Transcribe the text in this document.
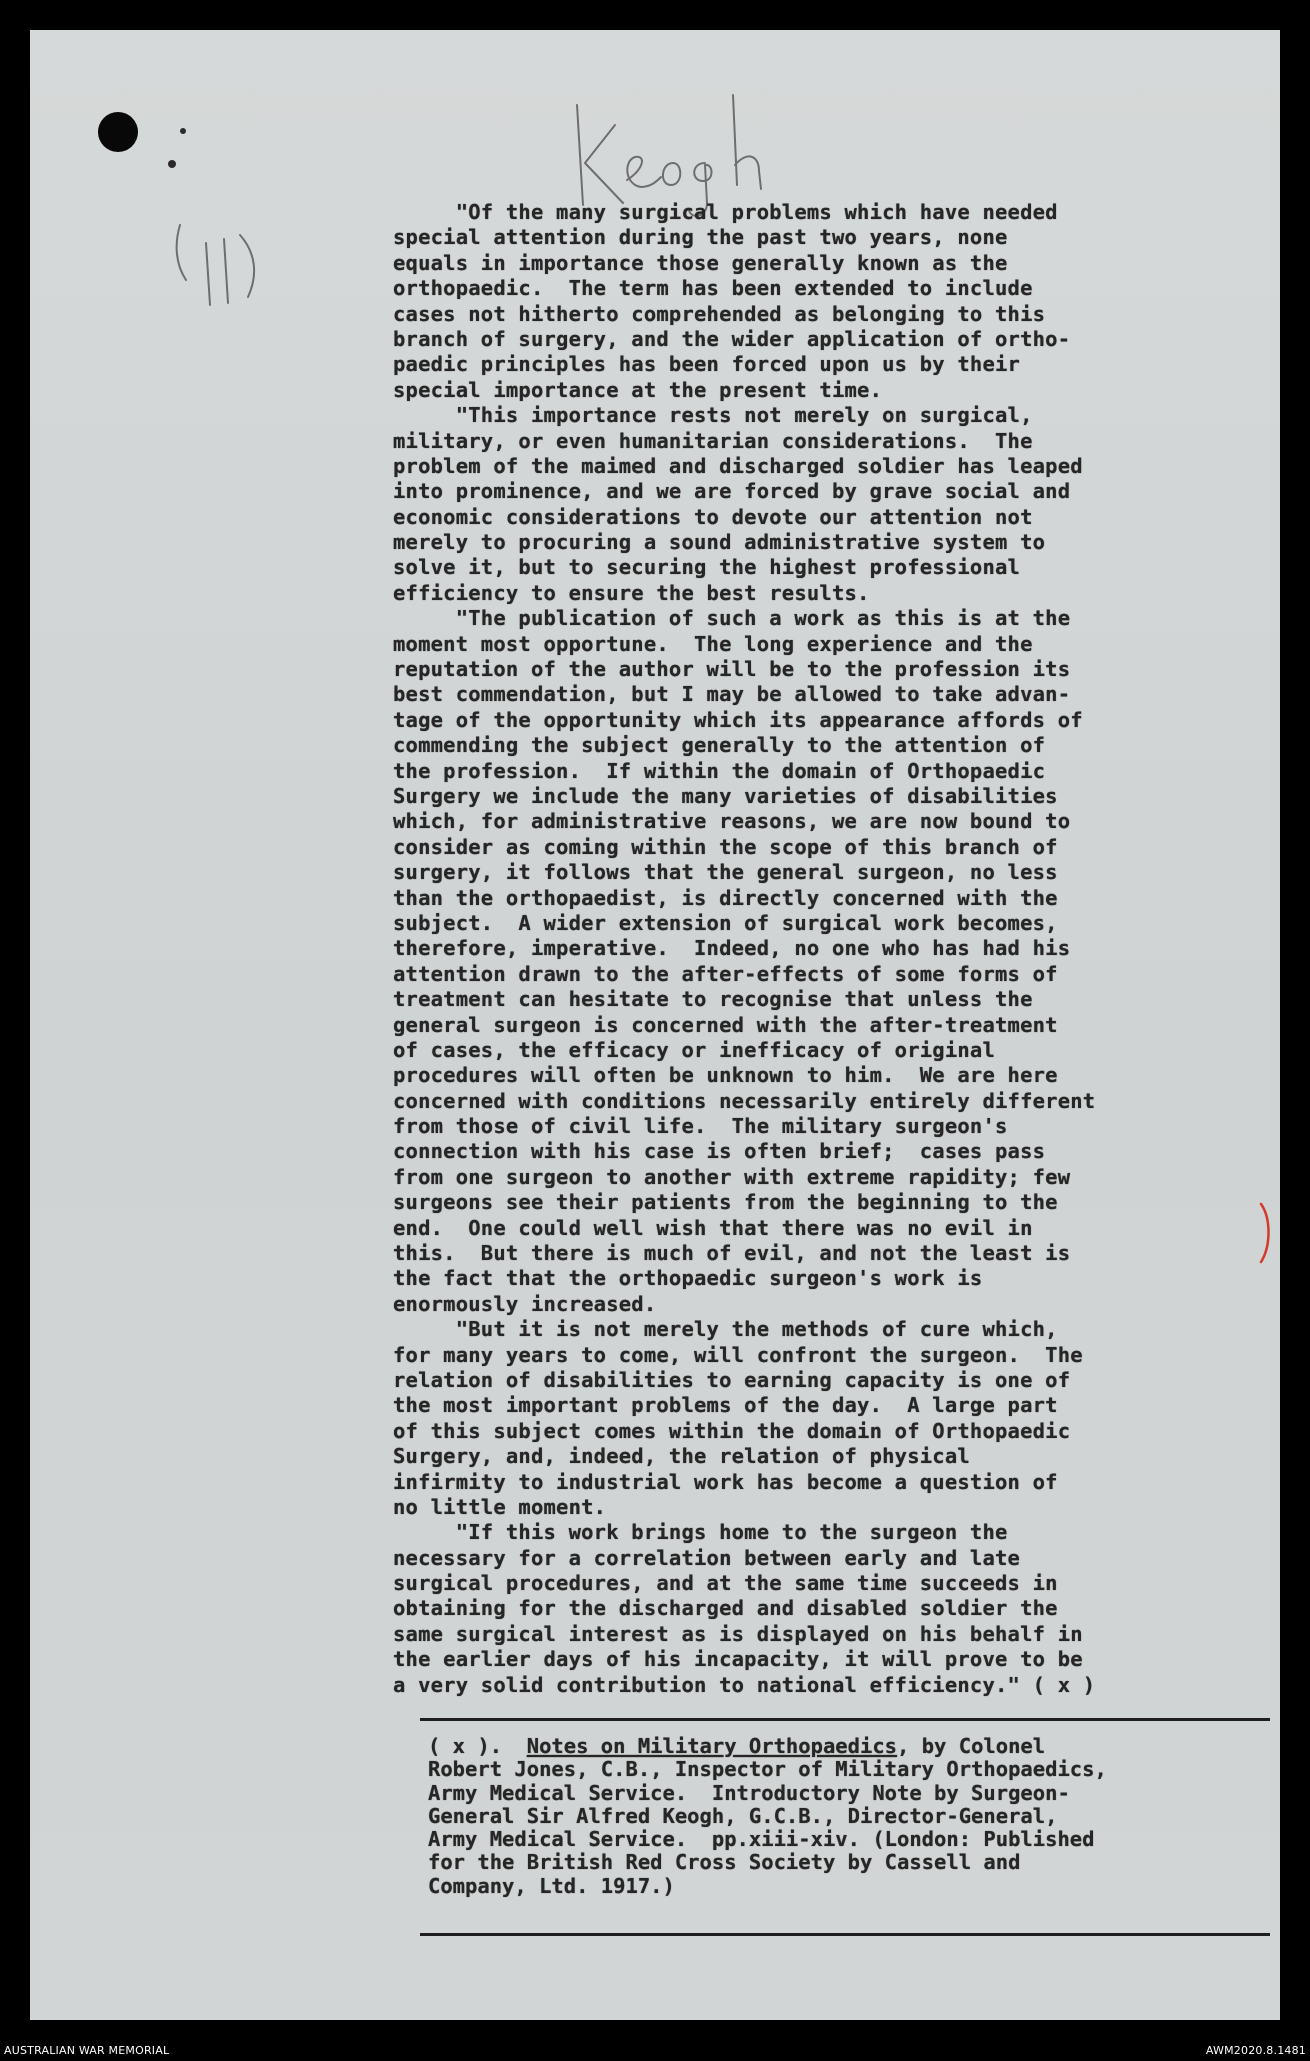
"Of the many surgical problems which have needed
special attention during the past two years, none
equals in importance those generally known as the
orthopaedic.  The term has been extended to include
cases not hitherto comprehended as belonging to this
branch of surgery, and the wider application of ortho-
paedic principles has been forced upon us by their
special importance at the present time.
"This importance rests not merely on surgical,
military, or even humanitarian considerations.  The
problem of the maimed and discharged soldier has leaped
into prominence, and we are forced by grave social and
economic considerations to devote our attention not
merely to procuring a sound administrative system to
solve it, but to securing the highest professional
efficiency to ensure the best results.
"The publication of such a work as this is at the
moment most opportune.  The long experience and the
reputation of the author will be to the profession its
best commendation, but I may be allowed to take advan-
tage of the opportunity which its appearance affords of
commending the subject generally to the attention of
the profession.  If within the domain of Orthopaedic
Surgery we include the many varieties of disabilities
which, for administrative reasons, we are now bound to
consider as coming within the scope of this branch of
surgery, it follows that the general surgeon, no less
than the orthopaedist, is directly concerned with the
subject.  A wider extension of surgical work becomes,
therefore, imperative.  Indeed, no one who has had his
attention drawn to the after-effects of some forms of
treatment can hesitate to recognise that unless the
general surgeon is concerned with the after-treatment
of cases, the efficacy or inefficacy of original
procedures will often be unknown to him.  We are here
concerned with conditions necessarily entirely different
from those of civil life.  The military surgeon's
connection with his case is often brief;  cases pass
from one surgeon to another with extreme rapidity; few
surgeons see their patients from the beginning to the
end.  One could well wish that there was no evil in
this.  But there is much of evil, and not the least is
the fact that the orthopaedic surgeon's work is
enormously increased.
"But it is not merely the methods of cure which,
for many years to come, will confront the surgeon.  The
relation of disabilities to earning capacity is one of
the most important problems of the day.  A large part
of this subject comes within the domain of Orthopaedic
Surgery, and, indeed, the relation of physical
infirmity to industrial work has become a question of
no little moment.
"If this work brings home to the surgeon the
necessary for a correlation between early and late
surgical procedures, and at the same time succeeds in
obtaining for the discharged and disabled soldier the
same surgical interest as is displayed on his behalf in
the earlier days of his incapacity, it will prove to be
a very solid contribution to national efficiency." ( x )
( x ).  Notes on Military Orthopaedics, by Colonel
Robert Jones, C.B., Inspector of Military Orthopaedics,
Army Medical Service.  Introductory Note by Surgeon-
General Sir Alfred Keogh, G.C.B., Director-General,
Army Medical Service.  pp.xiii-xiv. (London: Published
for the British Red Cross Society by Cassell and
Company, Ltd. 1917.)
AUSTRALIAN WAR MEMORIAL	AWM2020.8.1481
